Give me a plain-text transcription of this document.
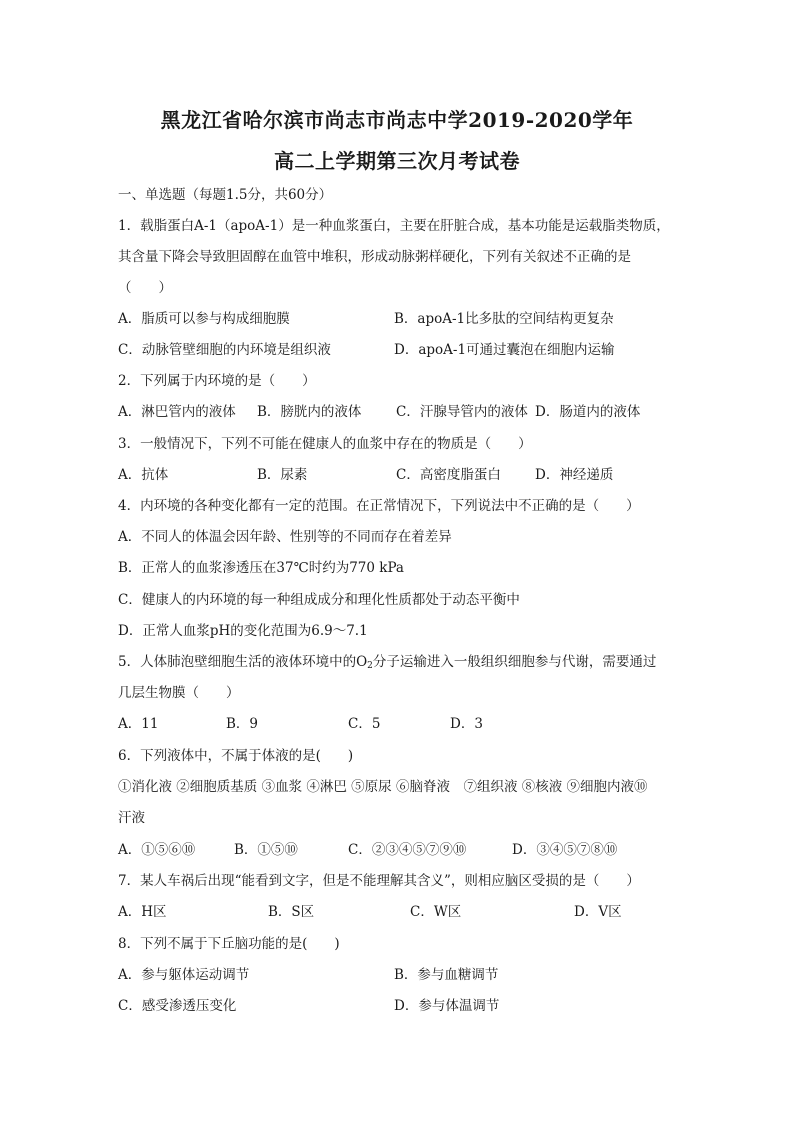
黑龙江省哈尔滨市尚志市尚志中学2019-2020学年
高二上学期第三次月考试卷
一、单选题（每题1.5分，共60分）
1．载脂蛋白A-1（apoA-1）是一种血浆蛋白，主要在肝脏合成，基本功能是运载脂类物质，
其含量下降会导致胆固醇在血管中堆积，形成动脉粥样硬化，下列有关叙述不正确的是
（　　）
A．脂质可以参与构成细胞膜	B．apoA-1比多肽的空间结构更复杂
C．动脉管壁细胞的内环境是组织液	D．apoA-1可通过囊泡在细胞内运输
2．下列属于内环境的是（　　）
A．淋巴管内的液体 B．膀胱内的液体	C．汗腺导管内的液体 D．肠道内的液体
3．一般情况下，下列不可能在健康人的血浆中存在的物质是（　　）
A．抗体	B．尿素	C．高密度脂蛋白	D．神经递质
4．内环境的各种变化都有一定的范围。在正常情况下，下列说法中不正确的是（　　）
A．不同人的体温会因年龄、性别等的不同而存在着差异
B．正常人的血浆渗透压在37℃时约为770 kPa
C．健康人的内环境的每一种组成成分和理化性质都处于动态平衡中
D．正常人血浆pH的变化范围为6.9～7.1
5．人体肺泡壁细胞生活的液体环境中的$O_2$分子运输进入一般组织细胞参与代谢，需要通过
几层生物膜（　　）
A．11	B．9	C．5	D．3
6．下列液体中，不属于体液的是(　　)
①消化液 ②细胞质基质 ③血浆 ④淋巴 ⑤原尿 ⑥脑脊液　⑦组织液 ⑧核液 ⑨细胞内液⑩
汗液
A．①⑤⑥⑩	B．①⑤⑩	C．②③④⑤⑦⑨⑩	D．③④⑤⑦⑧⑩
7．某人车祸后出现“能看到文字，但是不能理解其含义”，则相应脑区受损的是（　　）
A．H区	B．S区	C．W区	D．V区
8．下列不属于下丘脑功能的是(　　)
A．参与躯体运动调节	B．参与血糖调节
C．感受渗透压变化	D．参与体温调节
